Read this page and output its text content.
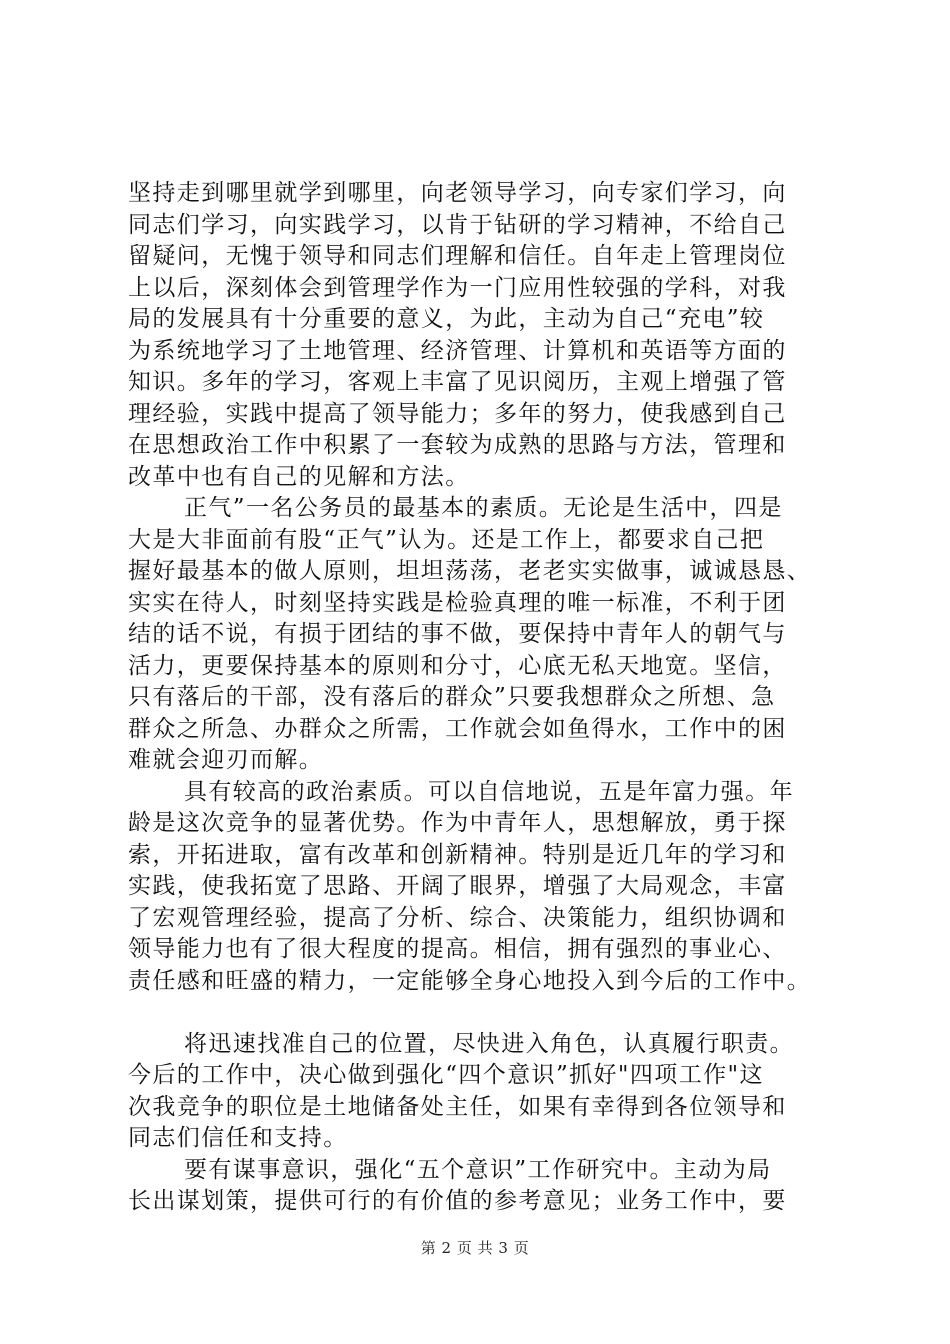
坚持走到哪里就学到哪里，向老领导学习，向专家们学习，向
同志们学习，向实践学习，以肯于钻研的学习精神，不给自己
留疑问，无愧于领导和同志们理解和信任。自年走上管理岗位
上以后，深刻体会到管理学作为一门应用性较强的学科，对我
局的发展具有十分重要的意义，为此，主动为自己“充电”较
为系统地学习了土地管理、经济管理、计算机和英语等方面的
知识。多年的学习，客观上丰富了见识阅历，主观上增强了管
理经验，实践中提高了领导能力；多年的努力，使我感到自己
在思想政治工作中积累了一套较为成熟的思路与方法，管理和
改革中也有自己的见解和方法。
正气”一名公务员的最基本的素质。无论是生活中，四是
大是大非面前有股“正气”认为。还是工作上，都要求自己把
握好最基本的做人原则，坦坦荡荡，老老实实做事，诚诚恳恳、
实实在待人，时刻坚持实践是检验真理的唯一标准，不利于团
结的话不说，有损于团结的事不做，要保持中青年人的朝气与
活力，更要保持基本的原则和分寸，心底无私天地宽。坚信，
只有落后的干部，没有落后的群众”只要我想群众之所想、急
群众之所急、办群众之所需，工作就会如鱼得水，工作中的困
难就会迎刃而解。
具有较高的政治素质。可以自信地说，五是年富力强。年
龄是这次竞争的显著优势。作为中青年人，思想解放，勇于探
索，开拓进取，富有改革和创新精神。特别是近几年的学习和
实践，使我拓宽了思路、开阔了眼界，增强了大局观念，丰富
了宏观管理经验，提高了分析、综合、决策能力，组织协调和
领导能力也有了很大程度的提高。相信，拥有强烈的事业心、
责任感和旺盛的精力，一定能够全身心地投入到今后的工作中。
将迅速找准自己的位置，尽快进入角色，认真履行职责。
今后的工作中，决心做到强化“四个意识”抓好"四项工作"这
次我竞争的职位是土地储备处主任，如果有幸得到各位领导和
同志们信任和支持。
要有谋事意识，强化“五个意识”工作研究中。主动为局
长出谋划策，提供可行的有价值的参考意见；业务工作中，要
第 2 页 共 3 页
